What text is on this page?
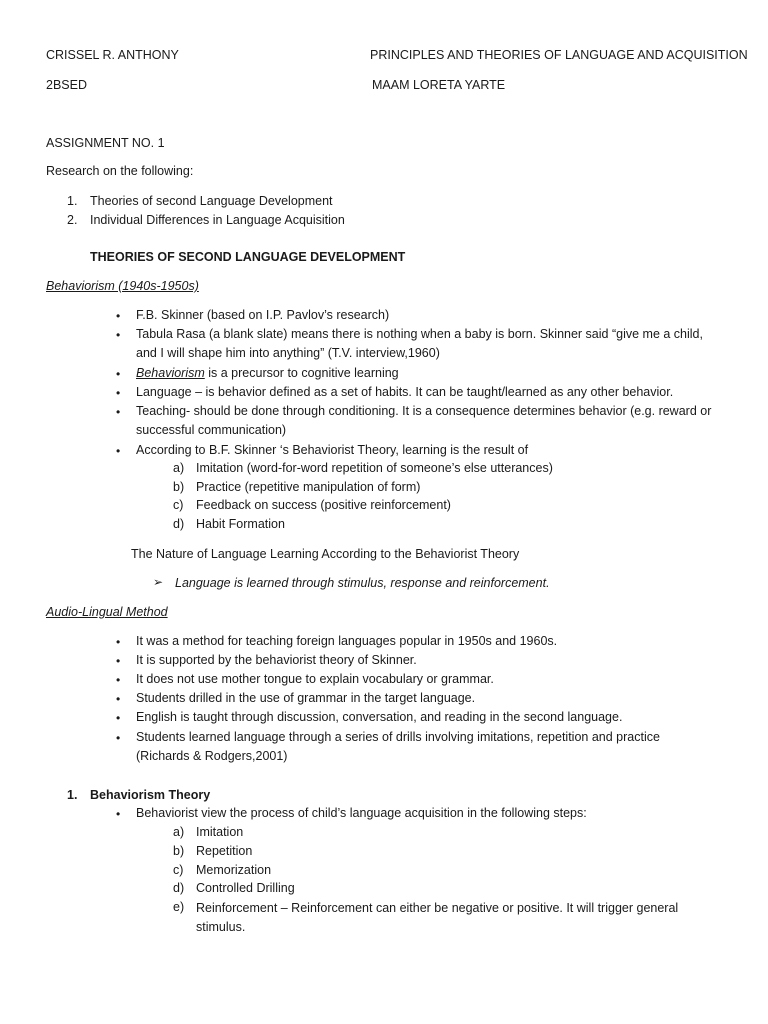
CRISSEL R. ANTHONY	PRINCIPLES AND THEORIES OF LANGUAGE AND ACQUISITION
2BSED	MAAM LORETA YARTE
ASSIGNMENT NO. 1
Research on the following:
1. Theories of second Language Development
2. Individual Differences in Language Acquisition
THEORIES OF SECOND LANGUAGE DEVELOPMENT
Behaviorism (1940s-1950s)
• F.B. Skinner (based on I.P. Pavlov’s research)
• Tabula Rasa (a blank slate) means there is nothing when a baby is born. Skinner said “give me a child, and I will shape him into anything” (T.V. interview,1960)
• Behaviorism is a precursor to cognitive learning
• Language – is behavior defined as a set of habits. It can be taught/learned as any other behavior.
• Teaching- should be done through conditioning. It is a consequence determines behavior (e.g. reward or successful communication)
• According to B.F. Skinner ‘s Behaviorist Theory, learning is the result of
a) Imitation (word-for-word repetition of someone’s else utterances)
b) Practice (repetitive manipulation of form)
c) Feedback on success (positive reinforcement)
d) Habit Formation
The Nature of Language Learning According to the Behaviorist Theory
➢ Language is learned through stimulus, response and reinforcement.
Audio-Lingual Method
• It was a method for teaching foreign languages popular in 1950s and 1960s.
• It is supported by the behaviorist theory of Skinner.
• It does not use mother tongue to explain vocabulary or grammar.
• Students drilled in the use of grammar in the target language.
• English is taught through discussion, conversation, and reading in the second language.
• Students learned language through a series of drills involving imitations, repetition and practice (Richards & Rodgers,2001)
1. Behaviorism Theory
• Behaviorist view the process of child’s language acquisition in the following steps:
a) Imitation
b) Repetition
c) Memorization
d) Controlled Drilling
e) Reinforcement – Reinforcement can either be negative or positive. It will trigger general stimulus.
